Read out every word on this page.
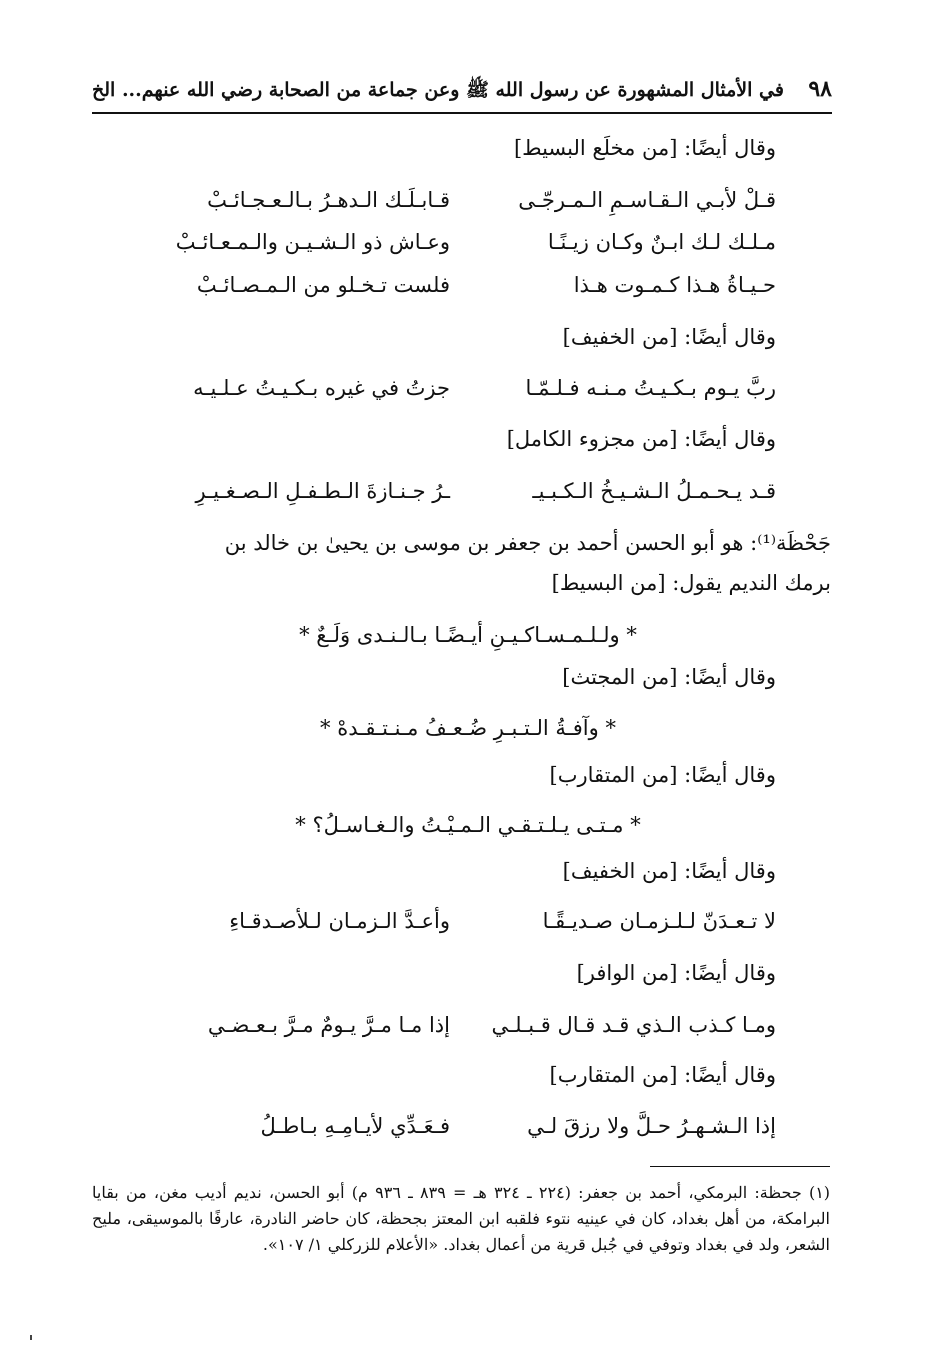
٩٨
في الأمثال المشهورة عن رسول الله ﷺ وعن جماعة من الصحابة رضي الله عنهم... الخ
وقال أيضًا: [من مخلَع البسيط]
قـلْ لأبـي الـقـاسـمِ الـمـرجّـى
قـابـلَـك الـدهـرُ بـالـعـجـائـبْ
مـلـك لـك ابـنٌ وكـان زيـنًـا
وعـاش ذو الـشـيـن والـمـعـائـبْ
حـيـاةُ هـذا كـمـوت هـذا
فلست تـخـلو من الـمـصـائـبْ
وقال أيضًا: [من الخفيف]
ربَّ يـوم بـكـيـتُ مـنـه فـلـمّـا
جزتُ في غيره بـكـيـتُ عـلـيـه
وقال أيضًا: [من مجزوء الكامل]
قـد يـحـمـلُ الـشـيـخُ الـكـبـيـ
ـرُ جـنـازةَ الـطـفـلِ الـصـغـيـرِ
جَحْظَة⁽¹⁾: هو أبو الحسن أحمد بن جعفر بن موسى بن يحيىٰ بن خالد بن
برمك النديم يقول: [من البسيط]
* ولـلـمـسـاكـيـنِ أيـضًـا بـالـنـدى وَلَـعٌ *
وقال أيضًا: [من المجتث]
* وآفـةُ الـتـبـرِ ضُـعـفُ مـنـتـقـدهْ *
وقال أيضًا: [من المتقارب]
* مـتـى يـلـتـقـي الـمـيْـتُ والـغـاسـلُ؟ *
وقال أيضًا: [من الخفيف]
لا تـعـدَنّ لـلـزمـان صـديـقًـا
وأعـدَّ الـزمـان لـلأصـدقـاءِ
وقال أيضًا: [من الوافر]
ومـا كـذب الـذي قـد قـال قـبـلـي
إذا مـا مـرَّ يـومٌ مـرَّ بـعـضـي
وقال أيضًا: [من المتقارب]
إذا الـشـهـرُ حـلَّ ولا رزقَ لـي
فـعَـدِّي لأيـامِـهِ بـاطـلُ
(١) جحظة: البرمكي، أحمد بن جعفر: (٢٢٤ ـ ٣٢٤ هـ = ٨٣٩ ـ ٩٣٦ م) أبو الحسن، نديم أديب مغن، من بقايا البرامكة، من أهل بغداد، كان في عينيه نتوء فلقبه ابن المعتز بجحظة، كان حاضر النادرة، عارفًا بالموسيقى، مليح الشعر، ولد في بغداد وتوفي في جُبل قرية من أعمال بغداد. «الأعلام للزركلي ١/ ١٠٧».
